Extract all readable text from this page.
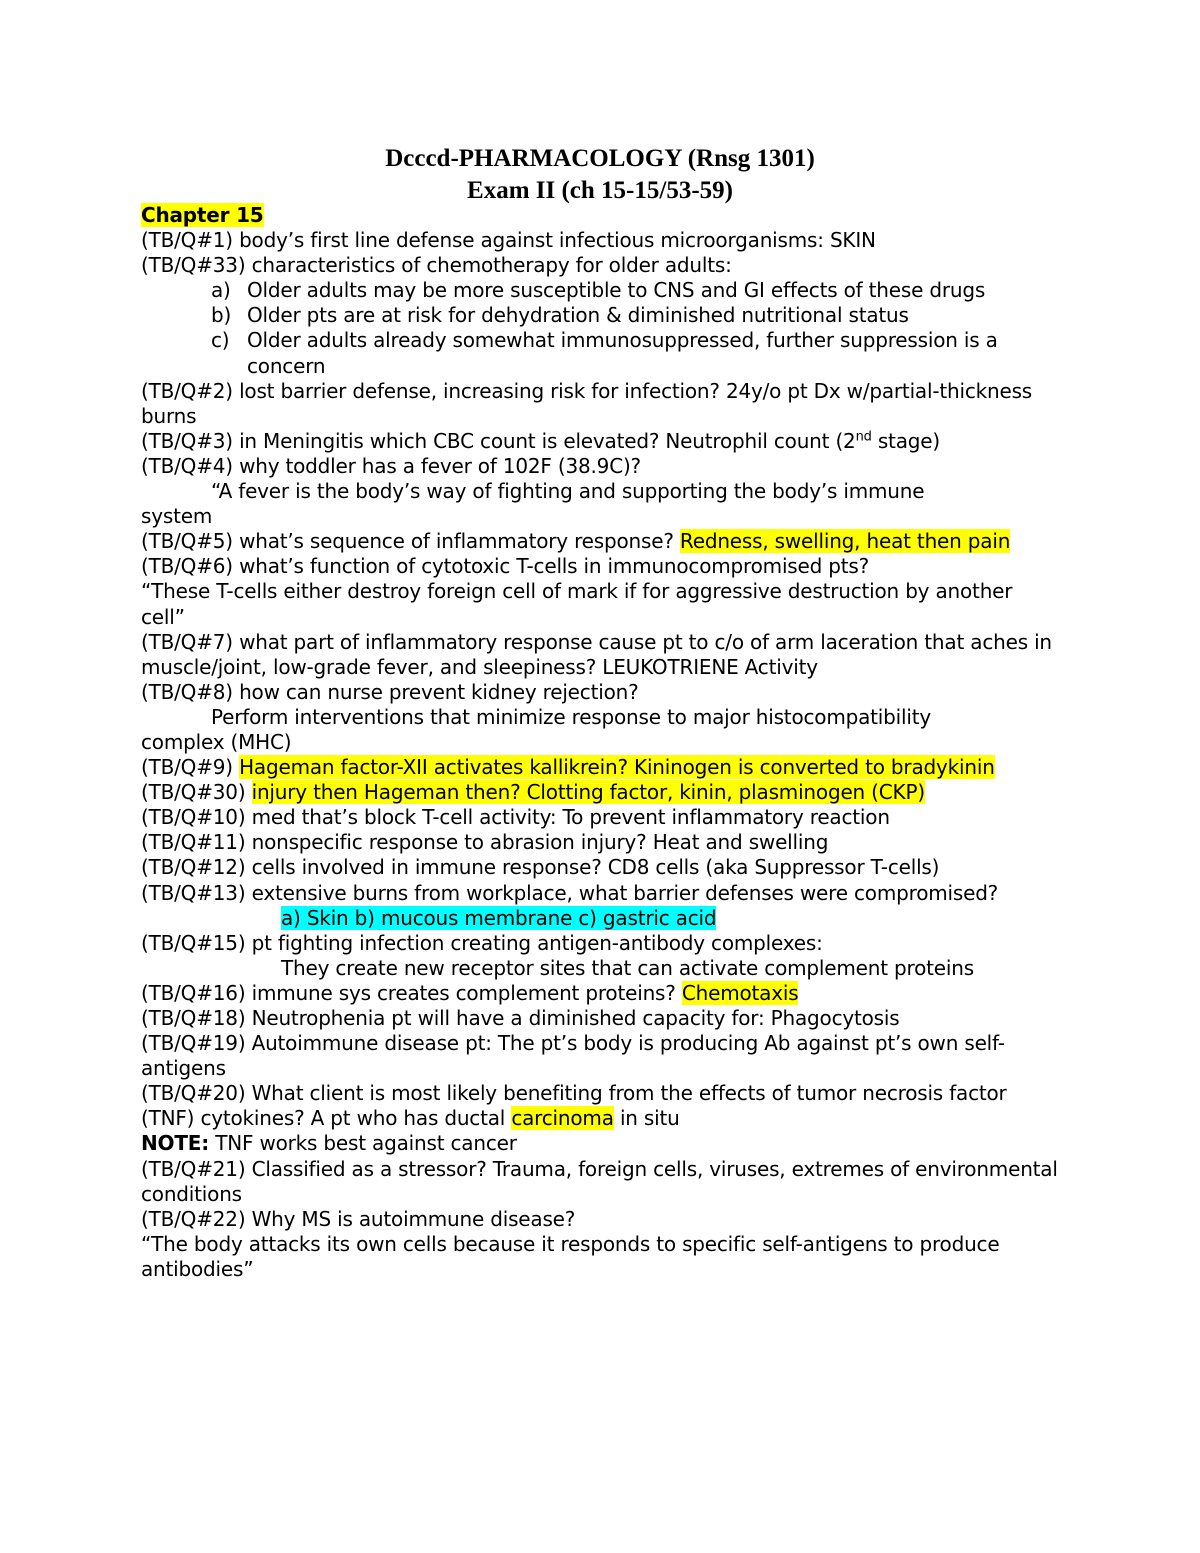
Dcccd-PHARMACOLOGY (Rnsg 1301)
Exam II (ch 15-15/53-59)

Chapter 15

(TB/Q#1) body’s first line defense against infectious microorganisms: SKIN

(TB/Q#33) characteristics of chemotherapy for older adults:

a) Older adults may be more susceptible to CNS and GI effects of these drugs
b) Older pts are at risk for dehydration & diminished nutritional status
c) Older adults already somewhat immunosuppressed, further suppression is a concern

(TB/Q#2) lost barrier defense, increasing risk for infection? 24y/o pt Dx w/partial-thickness burns

(TB/Q#3) in Meningitis which CBC count is elevated? Neutrophil count (2nd stage)

(TB/Q#4) why toddler has a fever of 102F (38.9C)?

“A fever is the body’s way of fighting and supporting the body’s immune

system

(TB/Q#5) what’s sequence of inflammatory response? Redness, swelling, heat then pain

(TB/Q#6) what’s function of cytotoxic T-cells in immunocompromised pts?

“These T-cells either destroy foreign cell of mark if for aggressive destruction by another cell”

(TB/Q#7) what part of inflammatory response cause pt to c/o of arm laceration that aches in muscle/joint, low-grade fever, and sleepiness? LEUKOTRIENE Activity

(TB/Q#8) how can nurse prevent kidney rejection?

Perform interventions that minimize response to major histocompatibility

complex (MHC)

(TB/Q#9) Hageman factor-XII activates kallikrein? Kininogen is converted to bradykinin

(TB/Q#30) injury then Hageman then? Clotting factor, kinin, plasminogen (CKP)

(TB/Q#10) med that’s block T-cell activity: To prevent inflammatory reaction

(TB/Q#11) nonspecific response to abrasion injury? Heat and swelling

(TB/Q#12) cells involved in immune response? CD8 cells (aka Suppressor T-cells)

(TB/Q#13) extensive burns from workplace, what barrier defenses were compromised?

a) Skin b) mucous membrane c) gastric acid

(TB/Q#15) pt fighting infection creating antigen-antibody complexes:

They create new receptor sites that can activate complement proteins

(TB/Q#16) immune sys creates complement proteins? Chemotaxis

(TB/Q#18) Neutrophenia pt will have a diminished capacity for: Phagocytosis

(TB/Q#19) Autoimmune disease pt: The pt’s body is producing Ab against pt’s own self-antigens

(TB/Q#20) What client is most likely benefiting from the effects of tumor necrosis factor (TNF) cytokines? A pt who has ductal carcinoma in situ

NOTE: TNF works best against cancer

(TB/Q#21) Classified as a stressor? Trauma, foreign cells, viruses, extremes of environmental conditions

(TB/Q#22) Why MS is autoimmune disease?

“The body attacks its own cells because it responds to specific self-antigens to produce antibodies”
